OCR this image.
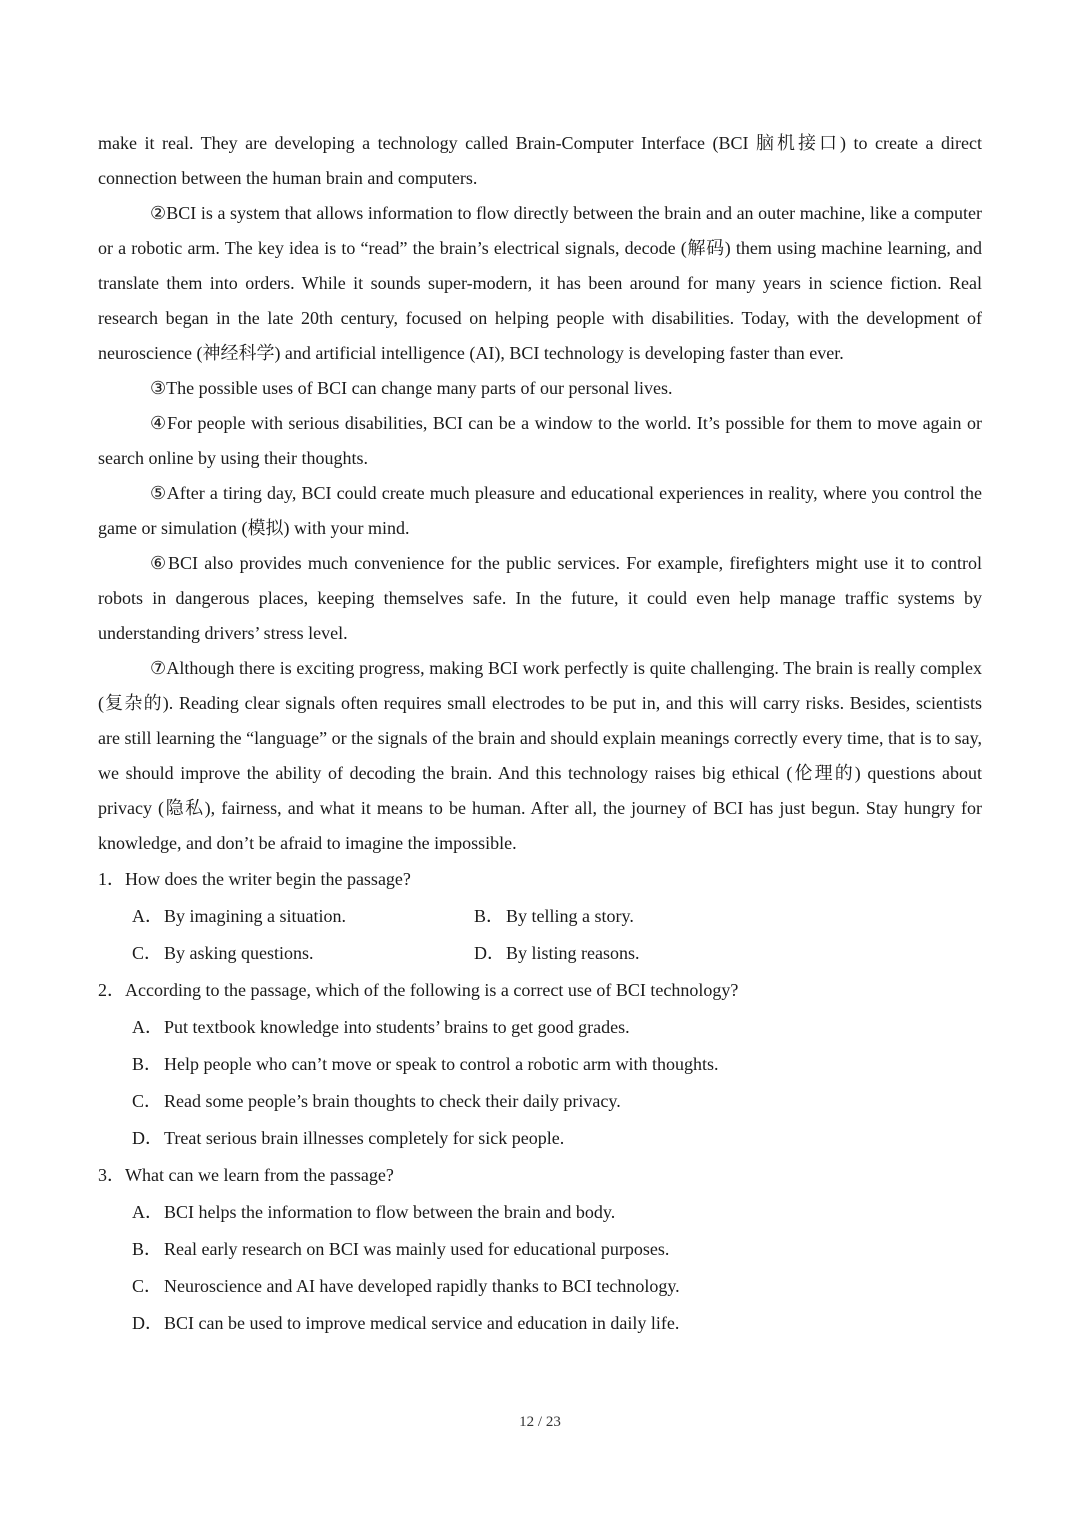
make it real. They are developing a technology called Brain-Computer Interface (BCI 脑机接口) to create a direct connection between the human brain and computers.

②BCI is a system that allows information to flow directly between the brain and an outer machine, like a computer or a robotic arm. The key idea is to “read” the brain’s electrical signals, decode (解码) them using machine learning, and translate them into orders. While it sounds super-modern, it has been around for many years in science fiction. Real research began in the late 20th century, focused on helping people with disabilities. Today, with the development of neuroscience (神经科学) and artificial intelligence (AI), BCI technology is developing faster than ever.

③The possible uses of BCI can change many parts of our personal lives.

④For people with serious disabilities, BCI can be a window to the world. It’s possible for them to move again or search online by using their thoughts.

⑤After a tiring day, BCI could create much pleasure and educational experiences in reality, where you control the game or simulation (模拟) with your mind.

⑥BCI also provides much convenience for the public services. For example, firefighters might use it to control robots in dangerous places, keeping themselves safe. In the future, it could even help manage traffic systems by understanding drivers’ stress level.

⑦Although there is exciting progress, making BCI work perfectly is quite challenging. The brain is really complex (复杂的). Reading clear signals often requires small electrodes to be put in, and this will carry risks. Besides, scientists are still learning the “language” or the signals of the brain and should explain meanings correctly every time, that is to say, we should improve the ability of decoding the brain. And this technology raises big ethical (伦理的) questions about privacy (隐私), fairness, and what it means to be human. After all, the journey of BCI has just begun. Stay hungry for knowledge, and don’t be afraid to imagine the impossible.

1．How does the writer begin the passage?

A．By imagining a situation.	B． By telling a story.
C． By asking questions.	D．By listing reasons.

2．According to the passage, which of the following is a correct use of BCI technology?

A．Put textbook knowledge into students’ brains to get good grades.
B． Help people who can’t move or speak to control a robotic arm with thoughts.
C． Read some people’s brain thoughts to check their daily privacy.
D．Treat serious brain illnesses completely for sick people.

3．What can we learn from the passage?

A．BCI helps the information to flow between the brain and body.
B． Real early research on BCI was mainly used for educational purposes.
C． Neuroscience and AI have developed rapidly thanks to BCI technology.
D．BCI can be used to improve medical service and education in daily life.
12 / 23
